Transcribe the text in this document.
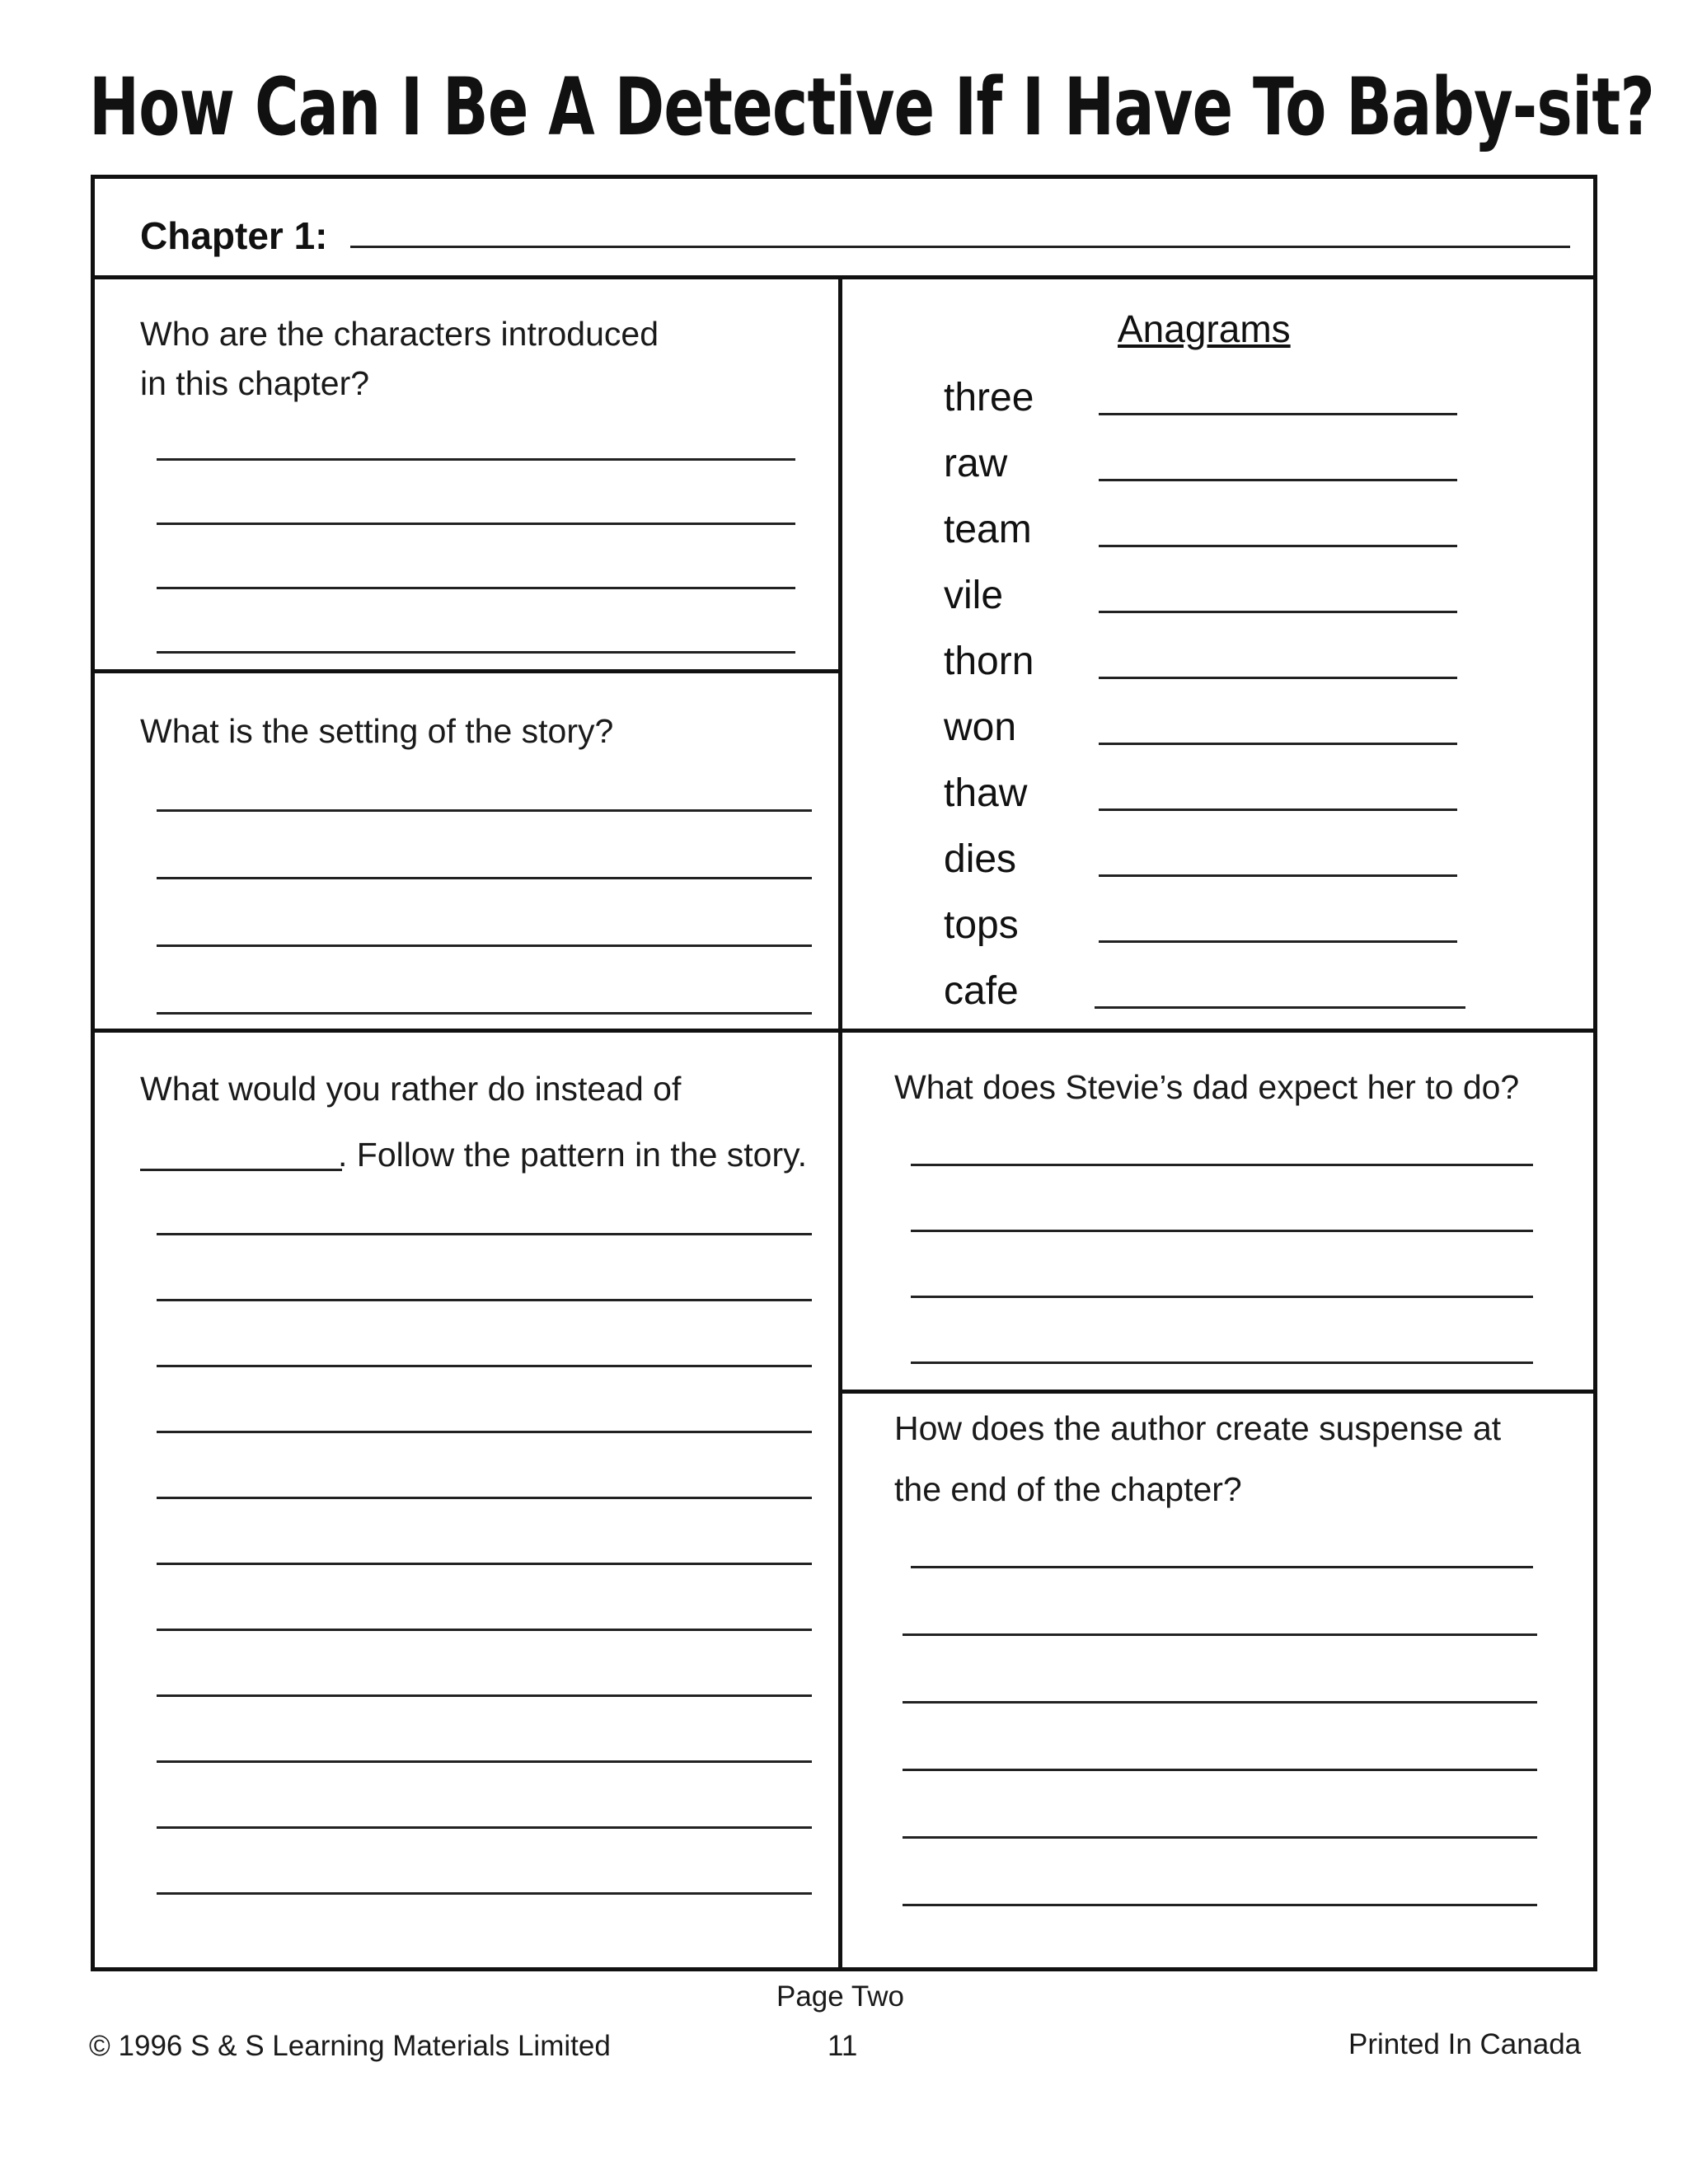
How Can I Be A Detective If I Have To Baby-sit?
Chapter 1:
Who are the characters introduced
in this chapter?
What is the setting of the story?
Anagrams
three
raw
team
vile
thorn
won
thaw
dies
tops
cafe
What would you rather do instead of
. Follow the pattern in the story.
What does Stevie’s dad expect her to do?
How does the author create suspense at
the end of the chapter?
Page Two
© 1996 S & S Learning Materials Limited	11	Printed In Canada
